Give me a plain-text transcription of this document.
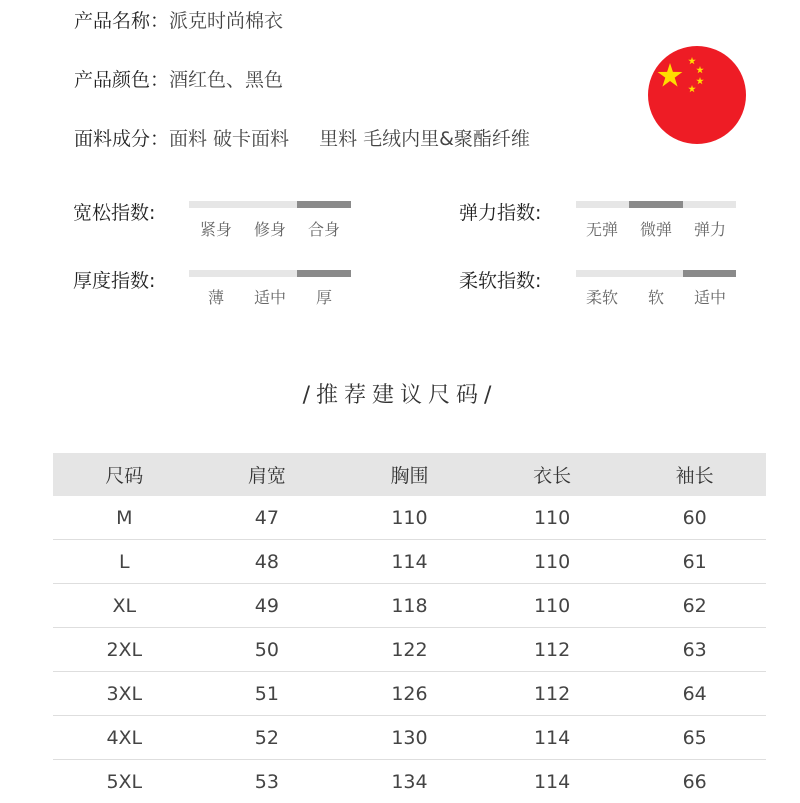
产品名称：派克时尚棉衣
产品颜色：酒红色、黑色
面料成分：面料 破卡面料 里料 毛绒内里&聚酯纤维
宽松指数:
紧身 修身 合身
弹力指数:
无弹 微弹 弹力
厚度指数:
薄 适中 厚
柔软指数:
柔软 软 适中
/推荐建议尺码/
尺码	肩宽	胸围	衣长	袖长
M	47	110	110	60
L	48	114	110	61
XL	49	118	110	62
2XL	50	122	112	63
3XL	51	126	112	64
4XL	52	130	114	65
5XL	53	134	114	66
